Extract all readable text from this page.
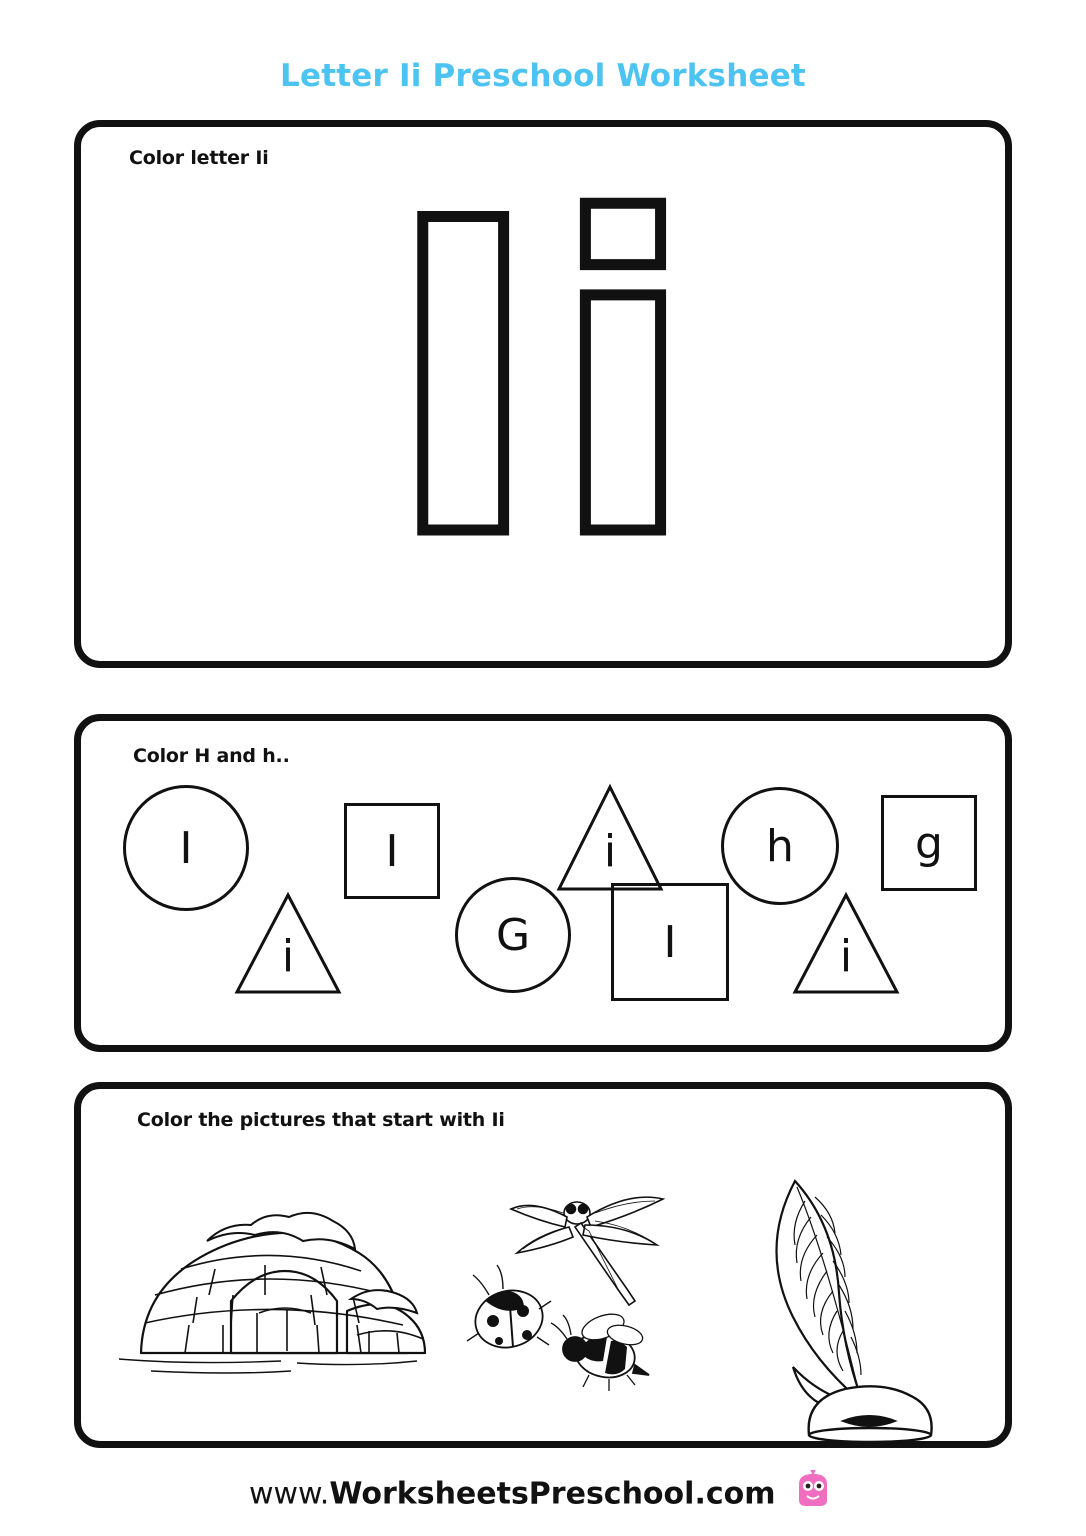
Letter Ii Preschool Worksheet
Color letter Ii Ii
Color H and h..
I	I	i	h	g
i	G	I	i
Color the pictures that start with Ii
www.WorksheetsPreschool.com
